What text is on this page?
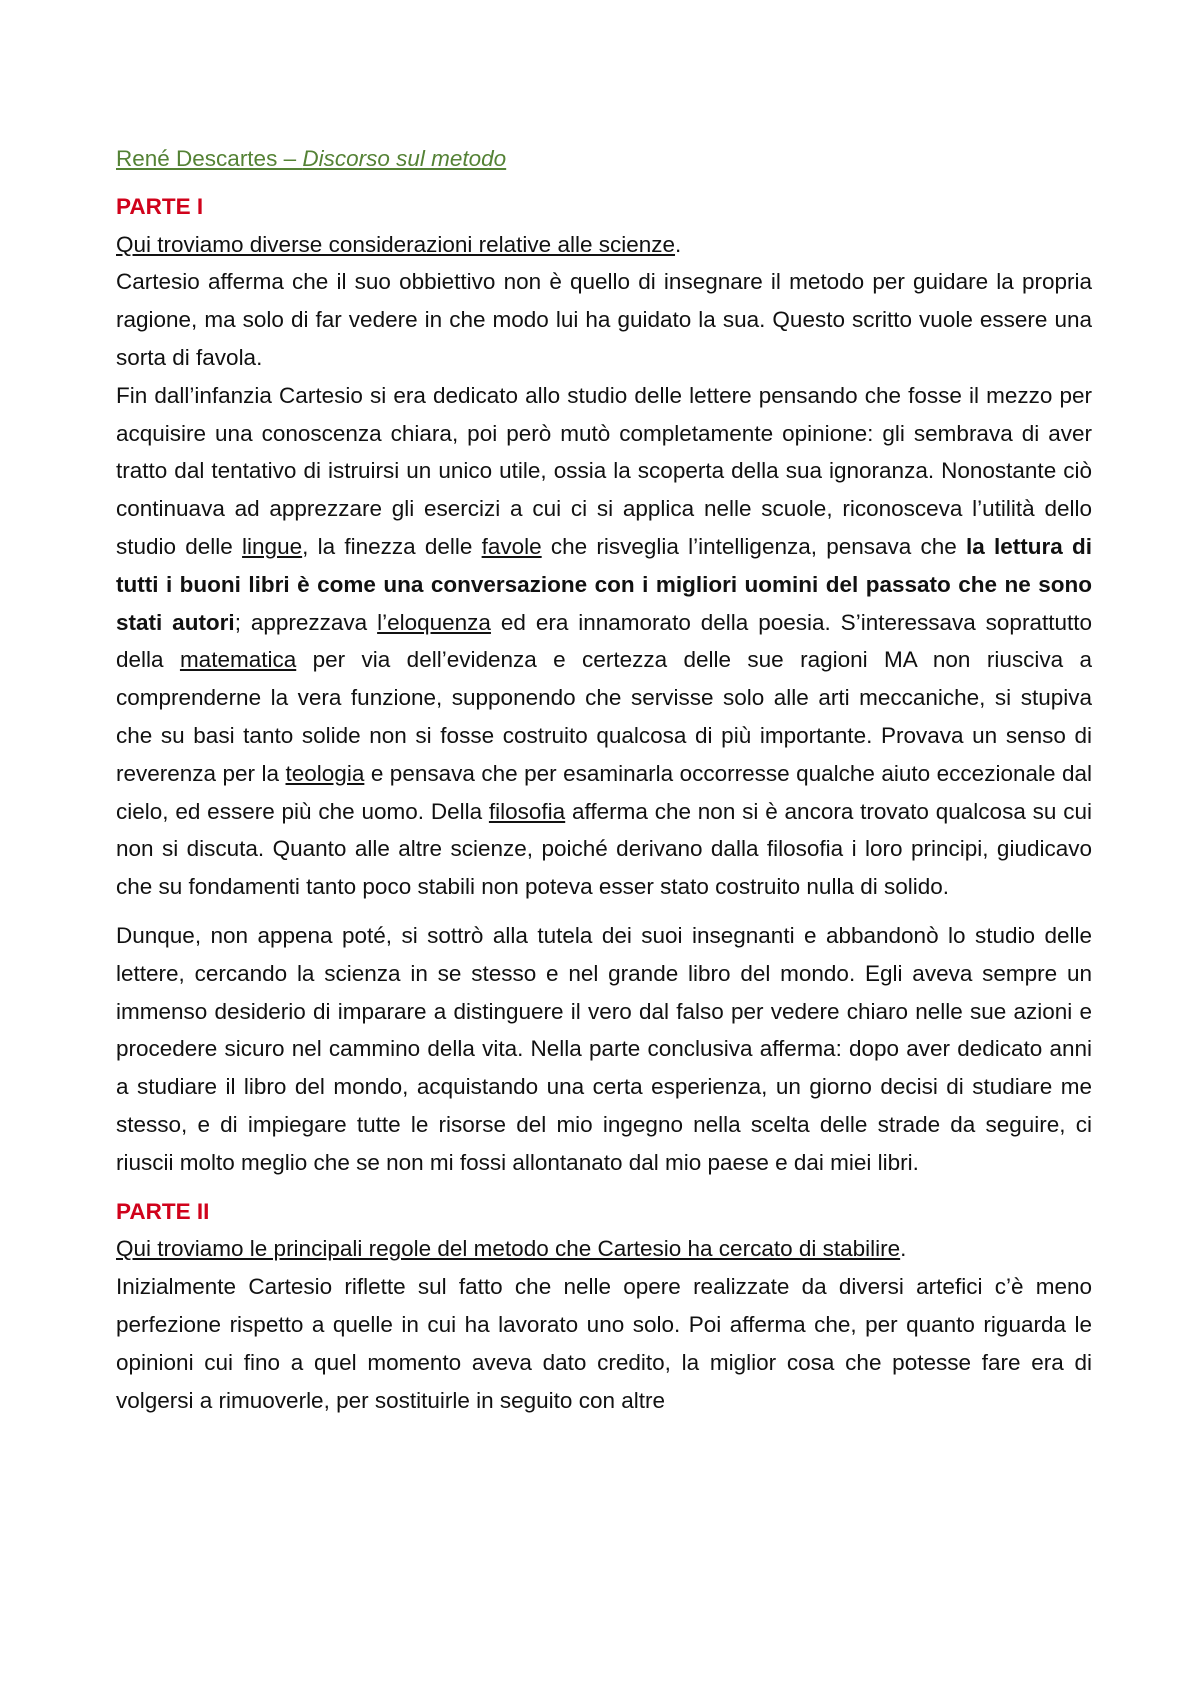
René Descartes – Discorso sul metodo
PARTE I
Qui troviamo diverse considerazioni relative alle scienze.

Cartesio afferma che il suo obbiettivo non è quello di insegnare il metodo per guidare la propria ragione, ma solo di far vedere in che modo lui ha guidato la sua. Questo scritto vuole essere una sorta di favola.

Fin dall’infanzia Cartesio si era dedicato allo studio delle lettere pensando che fosse il mezzo per acquisire una conoscenza chiara, poi però mutò completamente opinione: gli sembrava di aver tratto dal tentativo di istruirsi un unico utile, ossia la scoperta della sua ignoranza. Nonostante ciò continuava ad apprezzare gli esercizi a cui ci si applica nelle scuole, riconosceva l’utilità dello studio delle lingue, la finezza delle favole che risveglia l’intelligenza, pensava che la lettura di tutti i buoni libri è come una conversazione con i migliori uomini del passato che ne sono stati autori; apprezzava l’eloquenza ed era innamorato della poesia. S’interessava soprattutto della matematica per via dell’evidenza e certezza delle sue ragioni MA non riusciva a comprenderne la vera funzione, supponendo che servisse solo alle arti meccaniche, si stupiva che su basi tanto solide non si fosse costruito qualcosa di più importante. Provava un senso di reverenza per la teologia e pensava che per esaminarla occorresse qualche aiuto eccezionale dal cielo, ed essere più che uomo. Della filosofia afferma che non si è ancora trovato qualcosa su cui non si discuta. Quanto alle altre scienze, poiché derivano dalla filosofia i loro principi, giudicavo che su fondamenti tanto poco stabili non poteva esser stato costruito nulla di solido.

Dunque, non appena poté, si sottrò alla tutela dei suoi insegnanti e abbandonò lo studio delle lettere, cercando la scienza in se stesso e nel grande libro del mondo. Egli aveva sempre un immenso desiderio di imparare a distinguere il vero dal falso per vedere chiaro nelle sue azioni e procedere sicuro nel cammino della vita. Nella parte conclusiva afferma: dopo aver dedicato anni a studiare il libro del mondo, acquistando una certa esperienza, un giorno decisi di studiare me stesso, e di impiegare tutte le risorse del mio ingegno nella scelta delle strade da seguire, ci riuscii molto meglio che se non mi fossi allontanato dal mio paese e dai miei libri.

PARTE II
Qui troviamo le principali regole del metodo che Cartesio ha cercato di stabilire.

Inizialmente Cartesio riflette sul fatto che nelle opere realizzate da diversi artefici c’è meno perfezione rispetto a quelle in cui ha lavorato uno solo. Poi afferma che, per quanto riguarda le opinioni cui fino a quel momento aveva dato credito, la miglior cosa che potesse fare era di volgersi a rimuoverle, per sostituirle in seguito con altre
